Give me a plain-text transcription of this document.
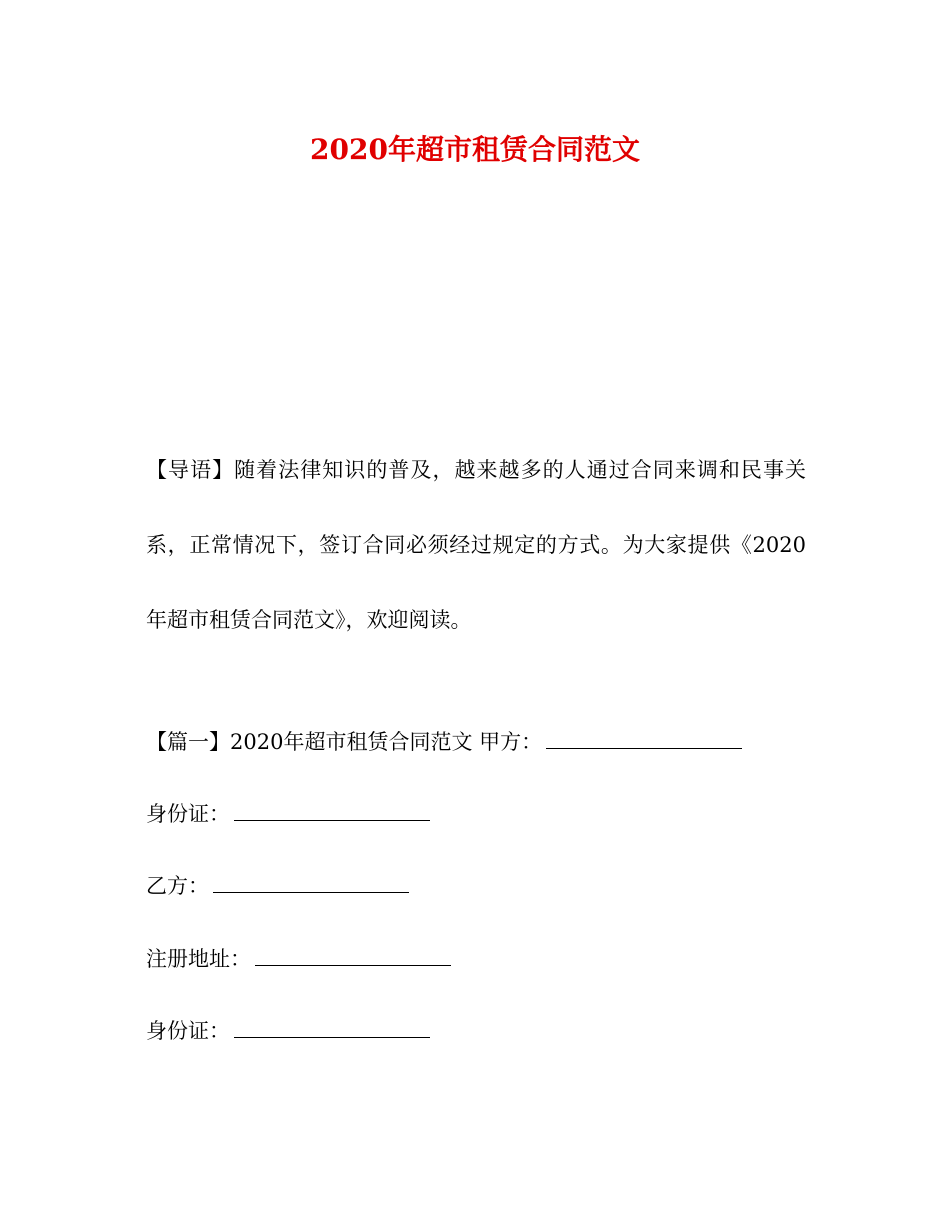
2020年超市租赁合同范文

【导语】随着法律知识的普及，越来越多的人通过合同来调和民事关系，正常情况下，签订合同必须经过规定的方式。为大家提供《2020年超市租赁合同范文》，欢迎阅读。

【篇一】2020年超市租赁合同范文 甲方：
身份证：
乙方：
注册地址：
身份证：
